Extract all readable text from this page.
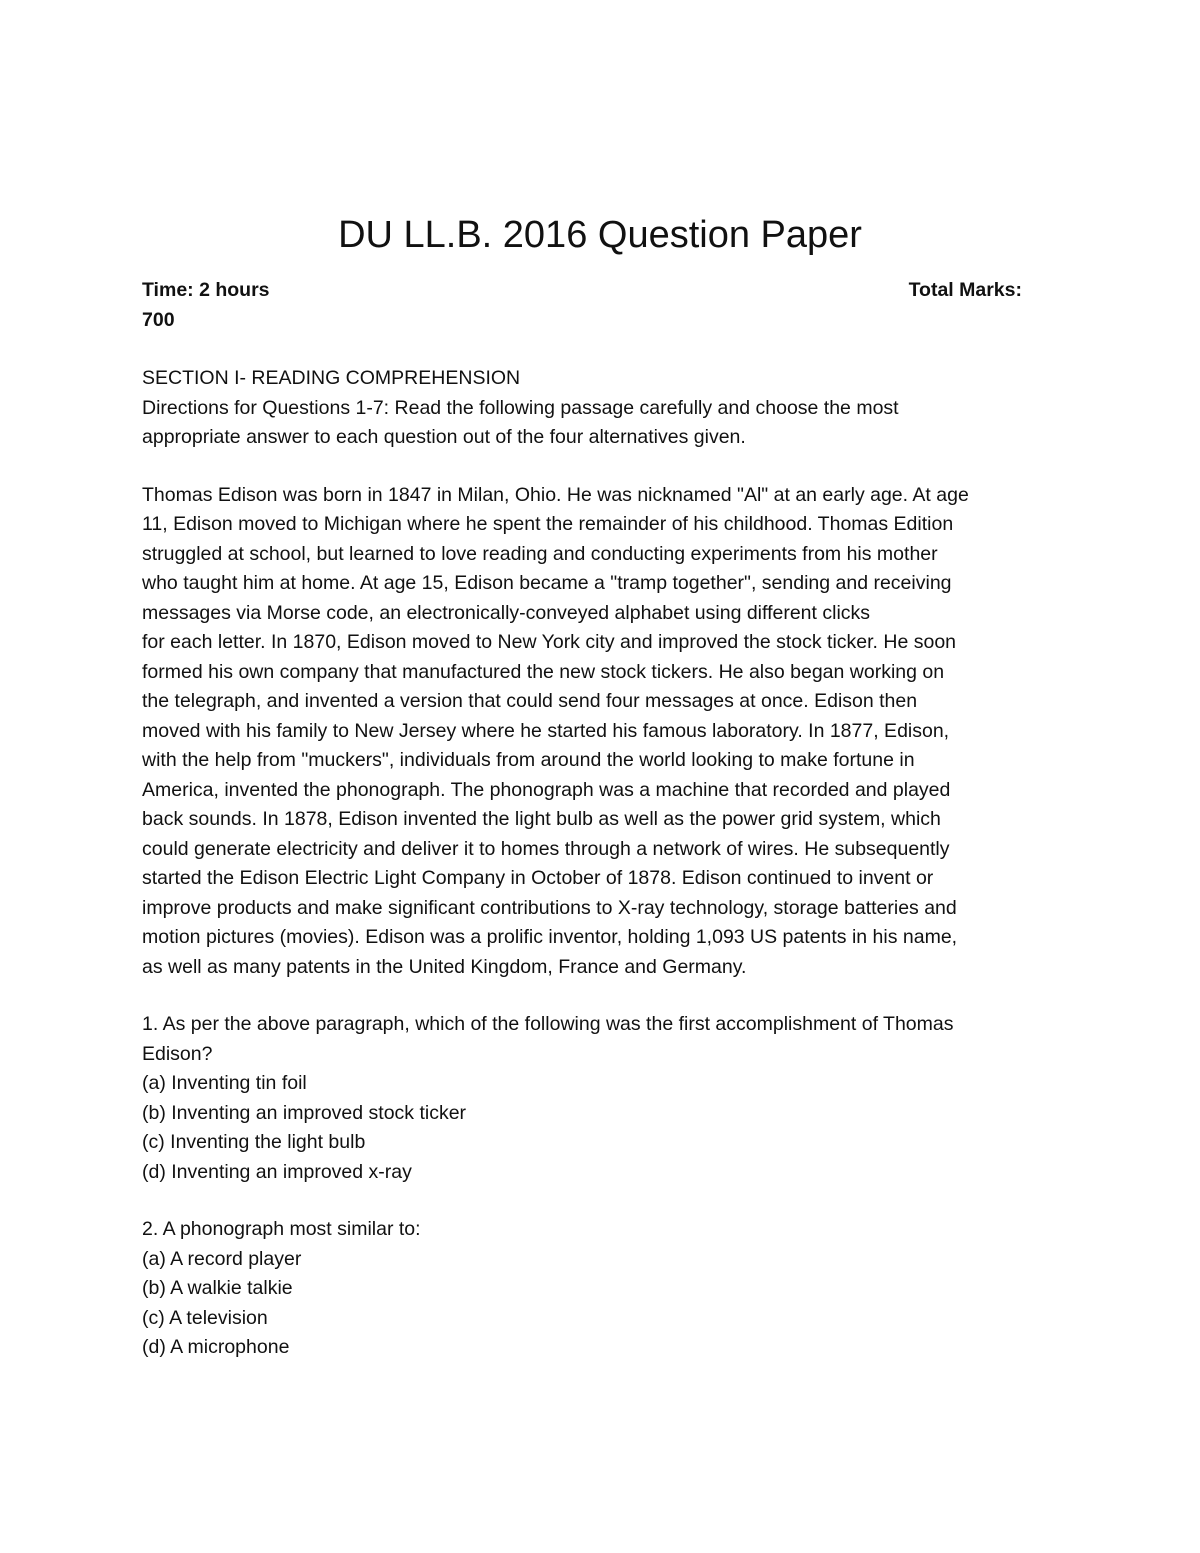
DU LL.B. 2016 Question Paper
Time: 2 hours	Total Marks:
700

SECTION I- READING COMPREHENSION

Directions for Questions 1-7: Read the following passage carefully and choose the most

appropriate answer to each question out of the four alternatives given.

Thomas Edison was born in 1847 in Milan, Ohio. He was nicknamed "Al" at an early age. At age

11, Edison moved to Michigan where he spent the remainder of his childhood. Thomas Edition

struggled at school, but learned to love reading and conducting experiments from his mother

who taught him at home. At age 15, Edison became a "tramp together", sending and receiving

messages via Morse code, an electronically-conveyed alphabet using different clicks

for each letter. In 1870, Edison moved to New York city and improved the stock ticker. He soon

formed his own company that manufactured the new stock tickers. He also began working on

the telegraph, and invented a version that could send four messages at once. Edison then

moved with his family to New Jersey where he started his famous laboratory. In 1877, Edison,

with the help from "muckers", individuals from around the world looking to make fortune in

America, invented the phonograph. The phonograph was a machine that recorded and played

back sounds. In 1878, Edison invented the light bulb as well as the power grid system, which

could generate electricity and deliver it to homes through a network of wires. He subsequently

started the Edison Electric Light Company in October of 1878. Edison continued to invent or

improve products and make significant contributions to X-ray technology, storage batteries and

motion pictures (movies). Edison was a prolific inventor, holding 1,093 US patents in his name,

as well as many patents in the United Kingdom, France and Germany.

1. As per the above paragraph, which of the following was the first accomplishment of Thomas

Edison?

(a) Inventing tin foil

(b) Inventing an improved stock ticker

(c) Inventing the light bulb

(d) Inventing an improved x-ray

2. A phonograph most similar to:

(a) A record player

(b) A walkie talkie

(c) A television

(d) A microphone
